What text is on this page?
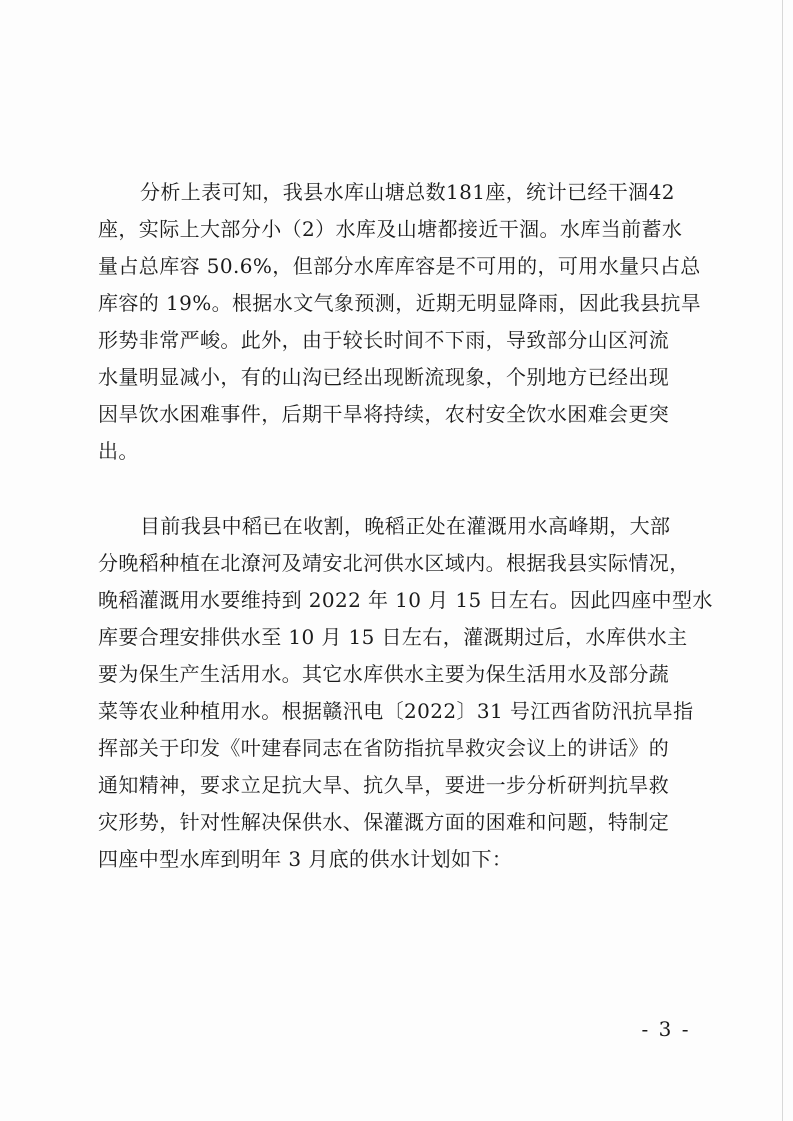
分析上表可知，我县水库山塘总数181座，统计已经干涸42
座，实际上大部分小（2）水库及山塘都接近干涸。水库当前蓄水
量占总库容 50.6%，但部分水库库容是不可用的，可用水量只占总
库容的 19%。根据水文气象预测，近期无明显降雨，因此我县抗旱
形势非常严峻。此外，由于较长时间不下雨，导致部分山区河流
水量明显减小，有的山沟已经出现断流现象，个别地方已经出现
因旱饮水困难事件，后期干旱将持续，农村安全饮水困难会更突
出。
目前我县中稻已在收割，晚稻正处在灌溉用水高峰期，大部
分晚稻种植在北潦河及靖安北河供水区域内。根据我县实际情况，
晚稻灌溉用水要维持到 2022 年 10 月 15 日左右。因此四座中型水
库要合理安排供水至 10 月 15 日左右，灌溉期过后，水库供水主
要为保生产生活用水。其它水库供水主要为保生活用水及部分蔬
菜等农业种植用水。根据赣汛电〔2022〕31 号江西省防汛抗旱指
挥部关于印发《叶建春同志在省防指抗旱救灾会议上的讲话》的
通知精神，要求立足抗大旱、抗久旱，要进一步分析研判抗旱救
灾形势，针对性解决保供水、保灌溉方面的困难和问题，特制定
四座中型水库到明年 3 月底的供水计划如下：
- 3 -
